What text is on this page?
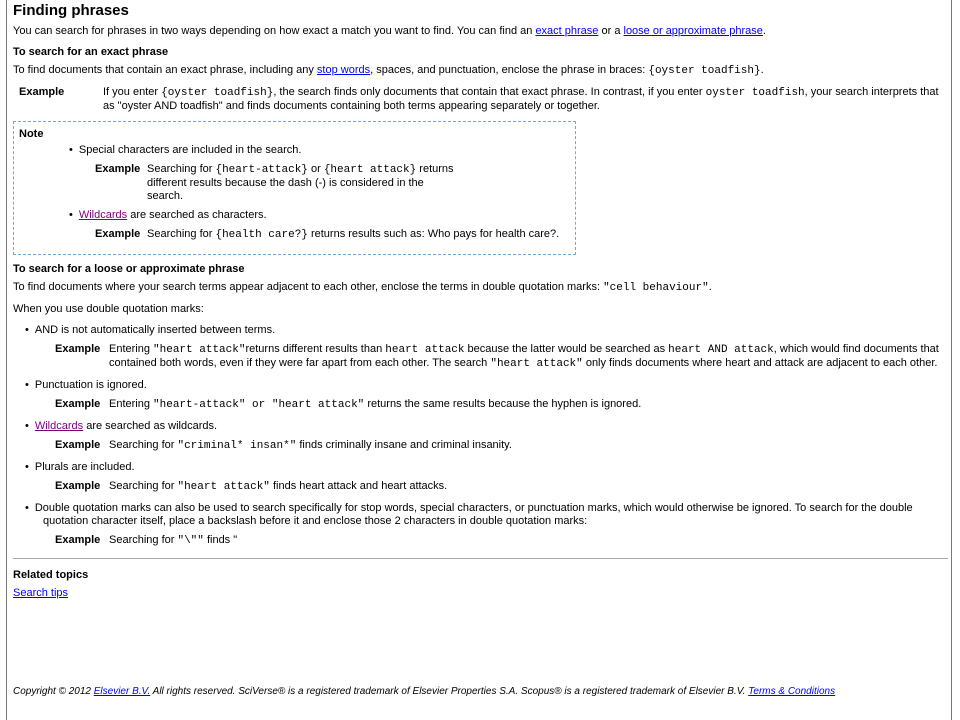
Finding phrases

You can search for phrases in two ways depending on how exact a match you want to find. You can find an exact phrase or a loose or approximate phrase.

To search for an exact phrase

To find documents that contain an exact phrase, including any stop words, spaces, and punctuation, enclose the phrase in braces: {oyster toadfish}.

Example	If you enter {oyster toadfish}, the search finds only documents that contain that exact phrase. In contrast, if you enter oyster toadfish, your search interprets that as "oyster AND toadfish" and finds documents containing both terms appearing separately or together.
Note
• Special characters are included in the search.
Example Searching for {heart-attack} or {heart attack} returns different results because the dash (-) is considered in the search.
• Wildcards are searched as characters.
Example Searching for {health care?} returns results such as: Who pays for health care?.
To search for a loose or approximate phrase

To find documents where your search terms appear adjacent to each other, enclose the terms in double quotation marks: "cell behaviour".

When you use double quotation marks:

• AND is not automatically inserted between terms.
Example Entering "heart attack"returns different results than heart attack because the latter would be searched as heart AND attack, which would find documents that contained both words, even if they were far apart from each other. The search "heart attack" only finds documents where heart and attack are adjacent to each other.
• Punctuation is ignored.
Example Entering "heart-attack" or "heart attack" returns the same results because the hyphen is ignored.
• Wildcards are searched as wildcards.
Example Searching for "criminal* insan*" finds criminally insane and criminal insanity.
• Plurals are included.
Example Searching for "heart attack" finds heart attack and heart attacks.
• Double quotation marks can also be used to search specifically for stop words, special characters, or punctuation marks, which would otherwise be ignored. To search for the double quotation character itself, place a backslash before it and enclose those 2 characters in double quotation marks:
Example Searching for "\"" finds "
Related topics
Search tips
Copyright © 2012 Elsevier B.V. All rights reserved. SciVerse® is a registered trademark of Elsevier Properties S.A. Scopus® is a registered trademark of Elsevier B.V. Terms & Conditions
